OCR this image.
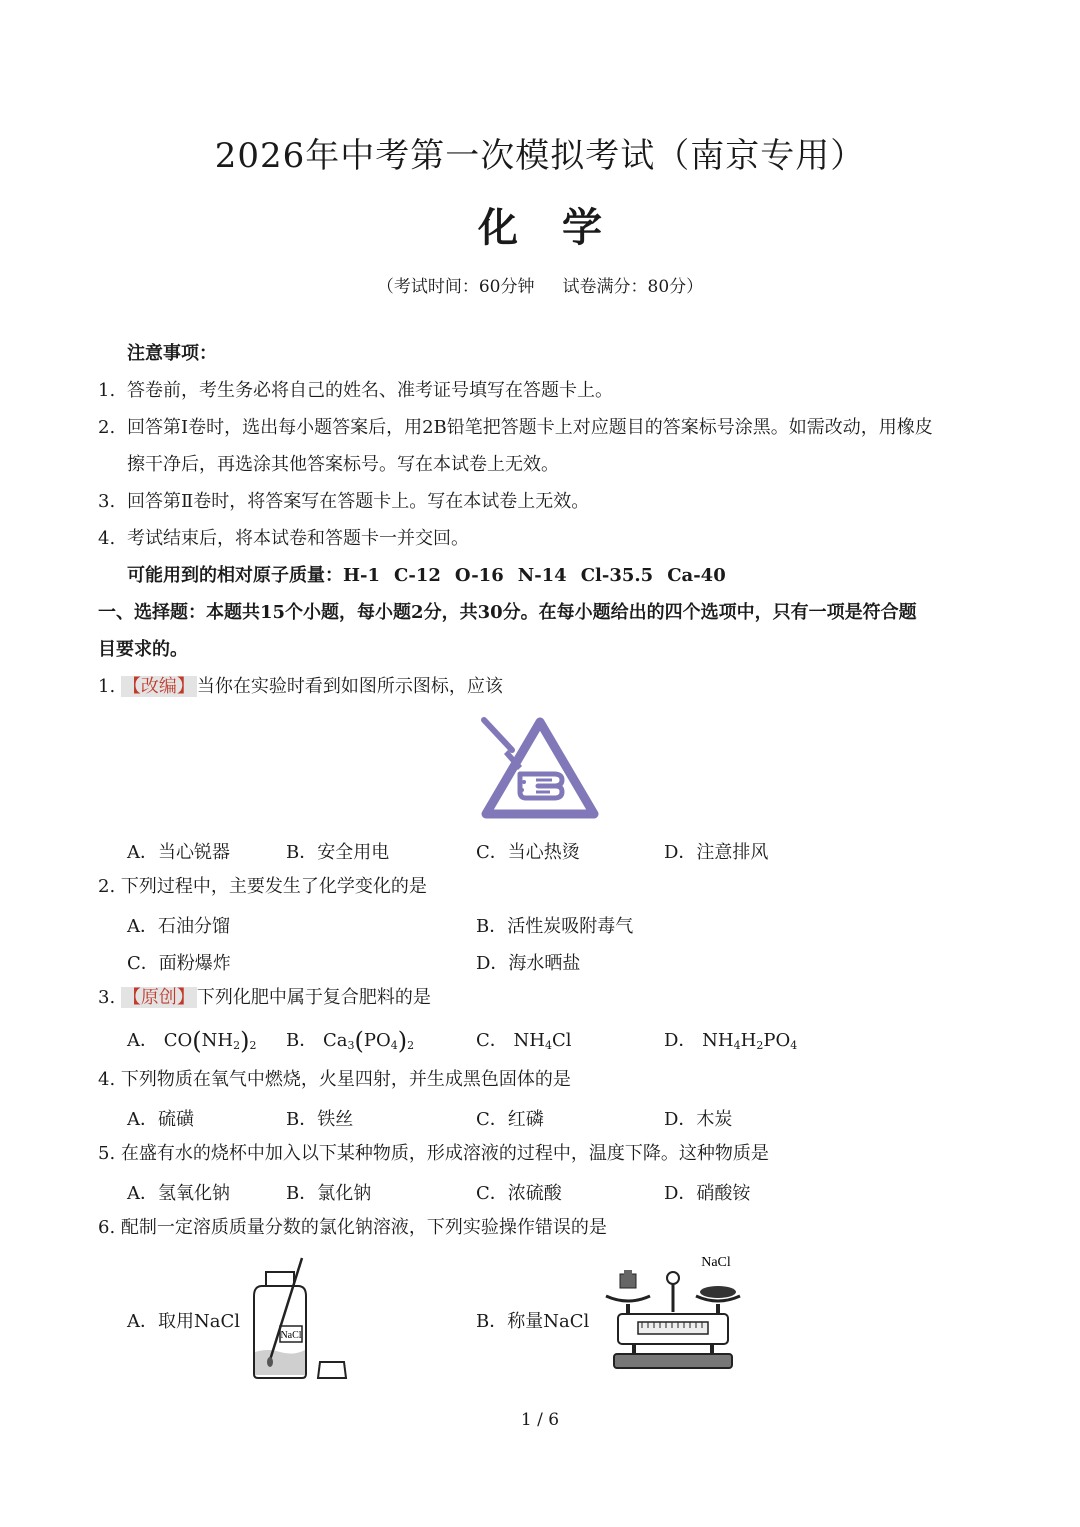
2026年中考第一次模拟考试（南京专用）
化学
（考试时间：60分钟 试卷满分：80分）
注意事项：
1. 答卷前，考生务必将自己的姓名、准考证号填写在答题卡上。
2. 回答第Ⅰ卷时，选出每小题答案后，用2B铅笔把答题卡上对应题目的答案标号涂黑。如需改动，用橡皮
擦干净后，再选涂其他答案标号。写在本试卷上无效。
3. 回答第Ⅱ卷时，将答案写在答题卡上。写在本试卷上无效。
4. 考试结束后，将本试卷和答题卡一并交回。
可能用到的相对原子质量：H-1 C-12 O-16 N-14 Cl-35.5 Ca-40
一、选择题：本题共15个小题，每小题2分，共30分。在每小题给出的四个选项中，只有一项是符合题
目要求的。
1. 【改编】 当你在实验时看到如图所示图标，应该
A．当心锐器	B．安全用电	C．当心热烫	D．注意排风
2. 下列过程中，主要发生了化学变化的是
A．石油分馏	B．活性炭吸附毒气
C．面粉爆炸	D．海水晒盐
3. 【原创】 下列化肥中属于复合肥料的是
A． $CO(NH_2)_2$ B． $Ca_3(PO_4)_2$	C． $NH_4Cl$	D． $NH_4H_2PO_4$
4. 下列物质在氧气中燃烧，火星四射，并生成黑色固体的是
A．硫磺	B．铁丝	C．红磷	D．木炭
5. 在盛有水的烧杯中加入以下某种物质，形成溶液的过程中，温度下降。这种物质是
A．氢氧化钠	B．氯化钠	C．浓硫酸	D．硝酸铵
6. 配制一定溶质质量分数的氯化钠溶液，下列实验操作错误的是
A．取用NaCl
NaCl
B．称量NaCl
NaCl
1 / 6
